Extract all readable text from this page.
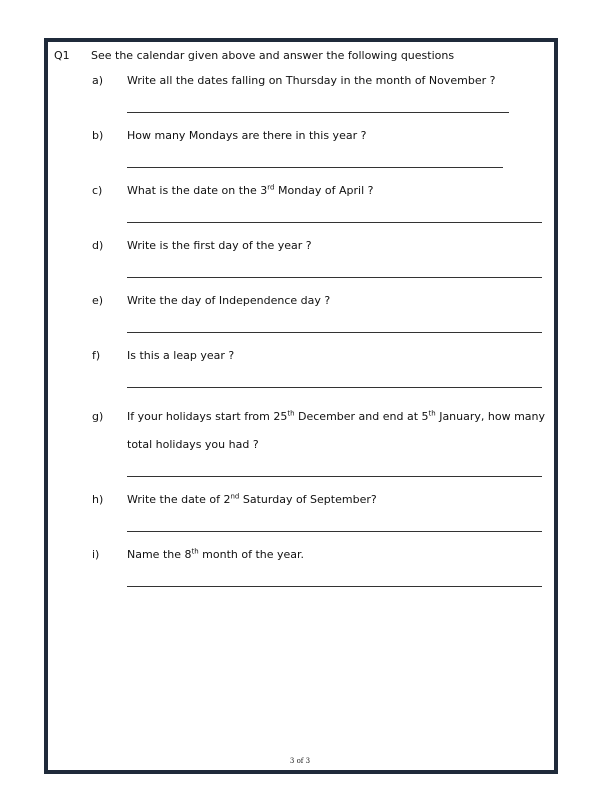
Q1 See the calendar given above and answer the following questions
a) Write all the dates falling on Thursday in the month of November ?
b) How many Mondays are there in this year ?
c) What is the date on the 3rd Monday of April ?
d) Write is the first day of the year ?
e) Write the day of Independence day ?
f) Is this a leap year ?
g) If your holidays start from 25th December and end at 5th January, how many
total holidays you had ?
h) Write the date of 2nd Saturday of September?
i)	Name the 8th month of the year.
3 of 3
